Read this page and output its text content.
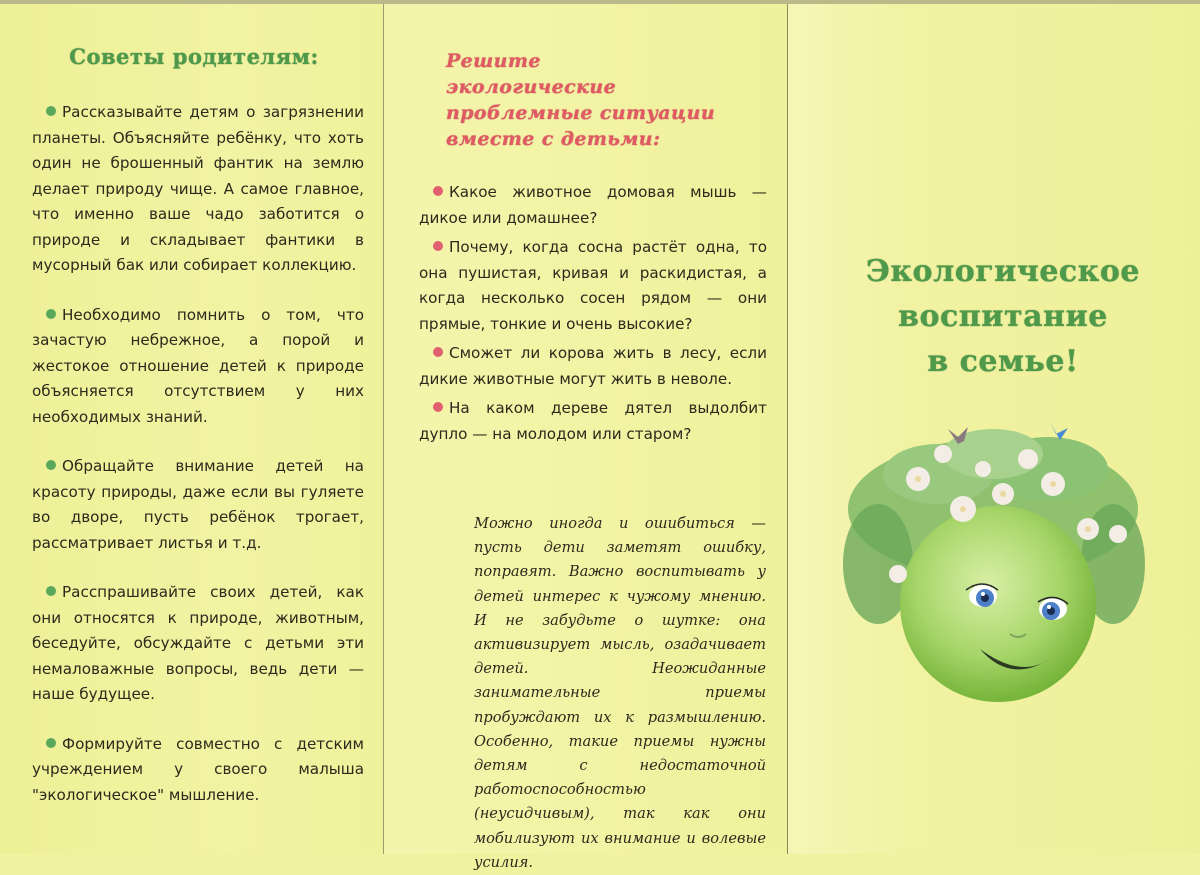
Советы родителям:

Рассказывайте детям о загрязнении планеты. Объясняйте ребёнку, что хоть один не брошенный фантик на землю делает природу чище. А самое главное, что именно ваше чадо заботится о природе и складывает фантики в мусорный бак или собирает коллекцию.

Необходимо помнить о том, что зачастую небрежное, а порой и жестокое отношение детей к природе объясняется отсутствием у них необходимых знаний.

Обращайте внимание детей на красоту природы, даже если вы гуляете во дворе, пусть ребёнок трогает, рассматривает листья и т.д.

Расспрашивайте своих детей, как они относятся к природе, животным, беседуйте, обсуждайте с детьми эти немаловажные вопросы, ведь дети — наше будущее.

Формируйте совместно с детским учреждением у своего малыша "экологическое" мышление.

Решите
экологические
проблемные ситуации
вместе с детьми:

Какое животное домовая мышь — дикое или домашнее?

Почему, когда сосна растёт одна, то она пушистая, кривая и раскидистая, а когда несколько сосен рядом — они прямые, тонкие и очень высокие?

Сможет ли корова жить в лесу, если дикие животные могут жить в неволе.

На каком дереве дятел выдолбит дупло — на молодом или старом?

Можно иногда и ошибиться — пусть дети заметят ошибку, поправят. Важно воспитывать у детей интерес к чужому мнению. И не забудьте о шутке: она активизирует мысль, озадачивает детей. Неожиданные занимательные приемы пробуждают их к размышлению. Особенно, такие приемы нужны детям с недостаточной работоспособностью (неусидчивым), так как они мобилизуют их внимание и волевые усилия.
Экологическое
воспитание
в семье!
